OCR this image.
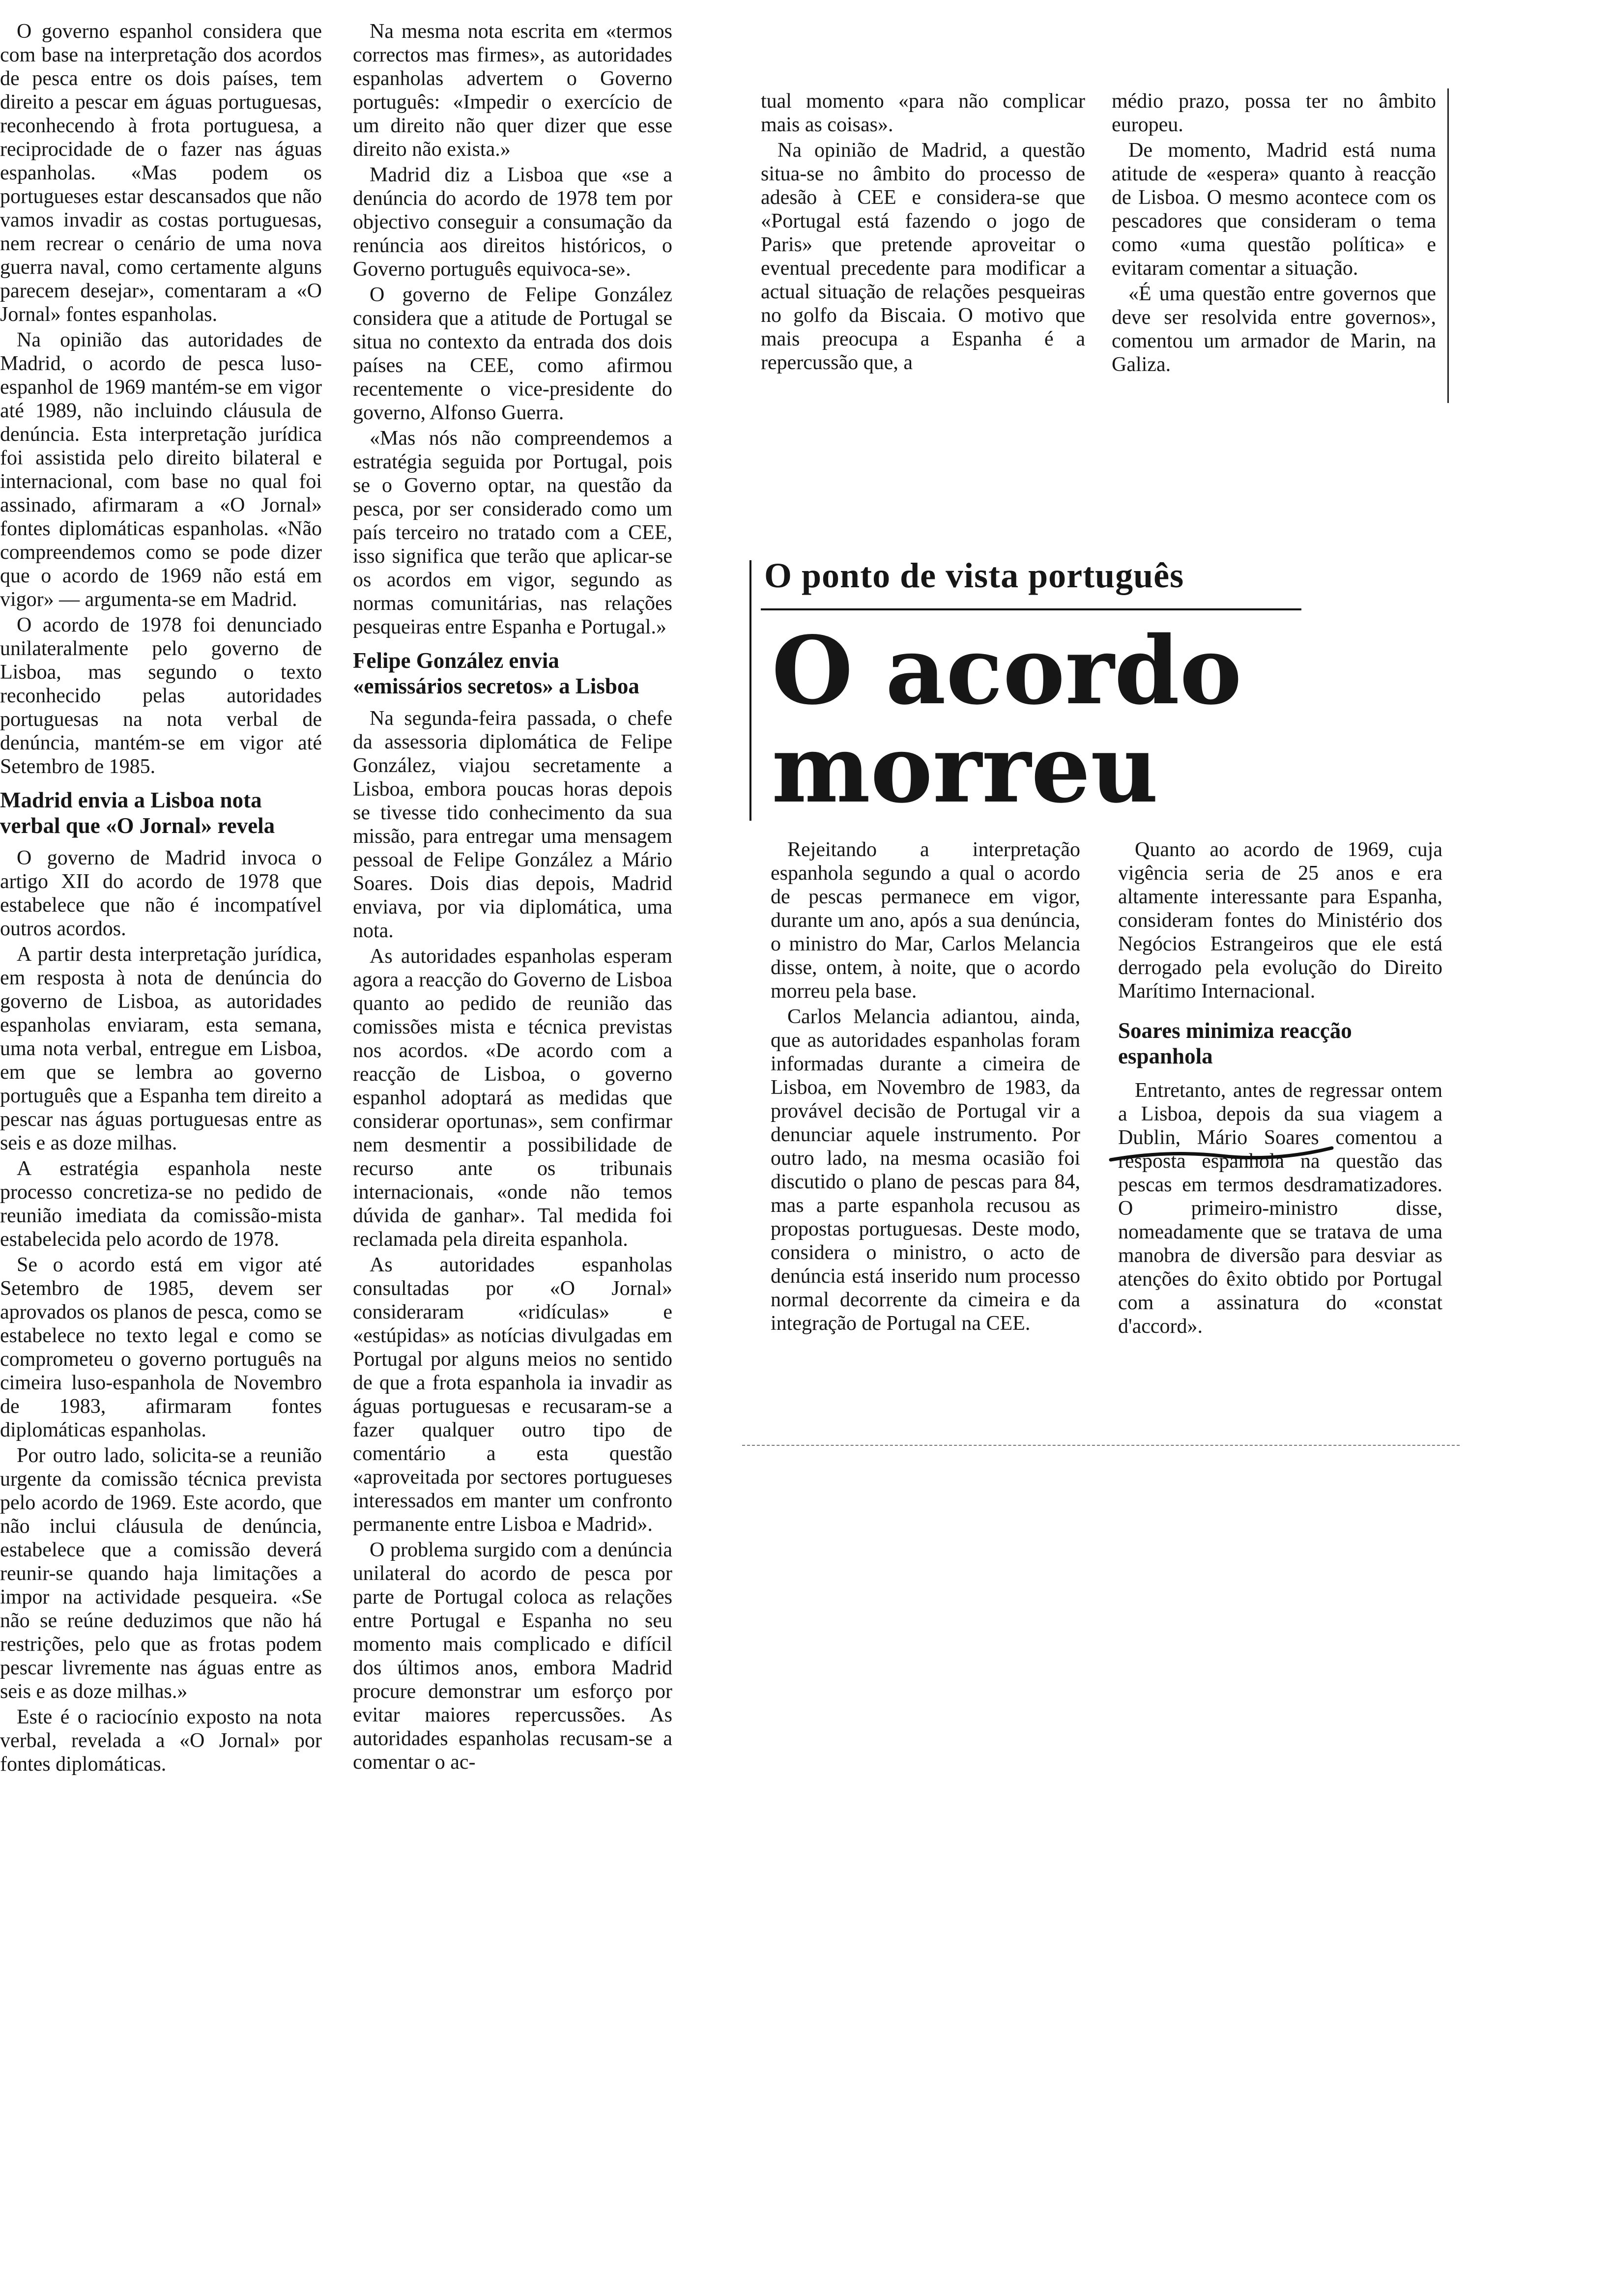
O governo espanhol considera que com base na interpretação dos acordos de pesca entre os dois países, tem direito a pescar em águas portuguesas, reconhecendo à frota portuguesa, a reciprocidade de o fazer nas águas espanholas. «Mas podem os portugueses estar descansados que não vamos invadir as costas portuguesas, nem recrear o cenário de uma nova guerra naval, como certamente alguns parecem desejar», comentaram a «O Jornal» fontes espanholas.

Na opinião das autoridades de Madrid, o acordo de pesca luso-espanhol de 1969 mantém-se em vigor até 1989, não incluindo cláusula de denúncia. Esta interpretação jurídica foi assistida pelo direito bilateral e internacional, com base no qual foi assinado, afirmaram a «O Jornal» fontes diplomáticas espanholas. «Não compreendemos como se pode dizer que o acordo de 1969 não está em vigor» — argumenta-se em Madrid.

O acordo de 1978 foi denunciado unilateralmente pelo governo de Lisboa, mas segundo o texto reconhecido pelas autoridades portuguesas na nota verbal de denúncia, mantém-se em vigor até Setembro de 1985.

Madrid envia a Lisboa nota verbal que «O Jornal» revela

O governo de Madrid invoca o artigo XII do acordo de 1978 que estabelece que não é incompatível outros acordos.

A partir desta interpretação jurídica, em resposta à nota de denúncia do governo de Lisboa, as autoridades espanholas enviaram, esta semana, uma nota verbal, entregue em Lisboa, em que se lembra ao governo português que a Espanha tem direito a pescar nas águas portuguesas entre as seis e as doze milhas.

A estratégia espanhola neste processo concretiza-se no pedido de reunião imediata da comissão-mista estabelecida pelo acordo de 1978.

Se o acordo está em vigor até Setembro de 1985, devem ser aprovados os planos de pesca, como se estabelece no texto legal e como se comprometeu o governo português na cimeira luso-espanhola de Novembro de 1983, afirmaram fontes diplomáticas espanholas.

Por outro lado, solicita-se a reunião urgente da comissão técnica prevista pelo acordo de 1969. Este acordo, que não inclui cláusula de denúncia, estabelece que a comissão deverá reunir-se quando haja limitações a impor na actividade pesqueira. «Se não se reúne deduzimos que não há restrições, pelo que as frotas podem pescar livremente nas águas entre as seis e as doze milhas.»

Este é o raciocínio exposto na nota verbal, revelada a «O Jornal» por fontes diplomáticas.

Na mesma nota escrita em «termos correctos mas firmes», as autoridades espanholas advertem o Governo português: «Impedir o exercício de um direito não quer dizer que esse direito não exista.»

Madrid diz a Lisboa que «se a denúncia do acordo de 1978 tem por objectivo conseguir a consumação da renúncia aos direitos históricos, o Governo português equivoca-se».

O governo de Felipe González considera que a atitude de Portugal se situa no contexto da entrada dos dois países na CEE, como afirmou recentemente o vice-presidente do governo, Alfonso Guerra.

«Mas nós não compreendemos a estratégia seguida por Portugal, pois se o Governo optar, na questão da pesca, por ser considerado como um país terceiro no tratado com a CEE, isso significa que terão que aplicar-se os acordos em vigor, segundo as normas comunitárias, nas relações pesqueiras entre Espanha e Portugal.»

Felipe González envia «emissários secretos» a Lisboa

Na segunda-feira passada, o chefe da assessoria diplomática de Felipe González, viajou secretamente a Lisboa, embora poucas horas depois se tivesse tido conhecimento da sua missão, para entregar uma mensagem pessoal de Felipe González a Mário Soares. Dois dias depois, Madrid enviava, por via diplomática, uma nota.

As autoridades espanholas esperam agora a reacção do Governo de Lisboa quanto ao pedido de reunião das comissões mista e técnica previstas nos acordos. «De acordo com a reacção de Lisboa, o governo espanhol adoptará as medidas que considerar oportunas», sem confirmar nem desmentir a possibilidade de recurso ante os tribunais internacionais, «onde não temos dúvida de ganhar». Tal medida foi reclamada pela direita espanhola.

As autoridades espanholas consultadas por «O Jornal» consideraram «ridículas» e «estúpidas» as notícias divulgadas em Portugal por alguns meios no sentido de que a frota espanhola ia invadir as águas portuguesas e recusaram-se a fazer qualquer outro tipo de comentário a esta questão «aproveitada por sectores portugueses interessados em manter um confronto permanente entre Lisboa e Madrid».

O problema surgido com a denúncia unilateral do acordo de pesca por parte de Portugal coloca as relações entre Portugal e Espanha no seu momento mais complicado e difícil dos últimos anos, embora Madrid procure demonstrar um esforço por evitar maiores repercussões. As autoridades espanholas recusam-se a comentar o ac-

tual momento «para não complicar mais as coisas».

Na opinião de Madrid, a questão situa-se no âmbito do processo de adesão à CEE e considera-se que «Portugal está fazendo o jogo de Paris» que pretende aproveitar o eventual precedente para modificar a actual situação de relações pesqueiras no golfo da Biscaia. O motivo que mais preocupa a Espanha é a repercussão que, a

médio prazo, possa ter no âmbito europeu.

De momento, Madrid está numa atitude de «espera» quanto à reacção de Lisboa. O mesmo acontece com os pescadores que consideram o tema como «uma questão política» e evitaram comentar a situação.

«É uma questão entre governos que deve ser resolvida entre governos», comentou um armador de Marin, na Galiza.

O ponto de vista português
O acordo
morreu

Rejeitando a interpretação espanhola segundo a qual o acordo de pescas permanece em vigor, durante um ano, após a sua denúncia, o ministro do Mar, Carlos Melancia disse, ontem, à noite, que o acordo morreu pela base.

Carlos Melancia adiantou, ainda, que as autoridades espanholas foram informadas durante a cimeira de Lisboa, em Novembro de 1983, da provável decisão de Portugal vir a denunciar aquele instrumento. Por outro lado, na mesma ocasião foi discutido o plano de pescas para 84, mas a parte espanhola recusou as propostas portuguesas. Deste modo, considera o ministro, o acto de denúncia está inserido num processo normal decorrente da cimeira e da integração de Portugal na CEE.

Quanto ao acordo de 1969, cuja vigência seria de 25 anos e era altamente interessante para Espanha, consideram fontes do Ministério dos Negócios Estrangeiros que ele está derrogado pela evolução do Direito Marítimo Internacional.

Soares minimiza reacção espanhola

Entretanto, antes de regressar ontem a Lisboa, depois da sua viagem a Dublin, Mário Soares comentou a resposta espanhola na questão das pescas em termos desdramatizadores. O primeiro-ministro disse, nomeadamente que se tratava de uma manobra de diversão para desviar as atenções do êxito obtido por Portugal com a assinatura do «constat d'accord».
